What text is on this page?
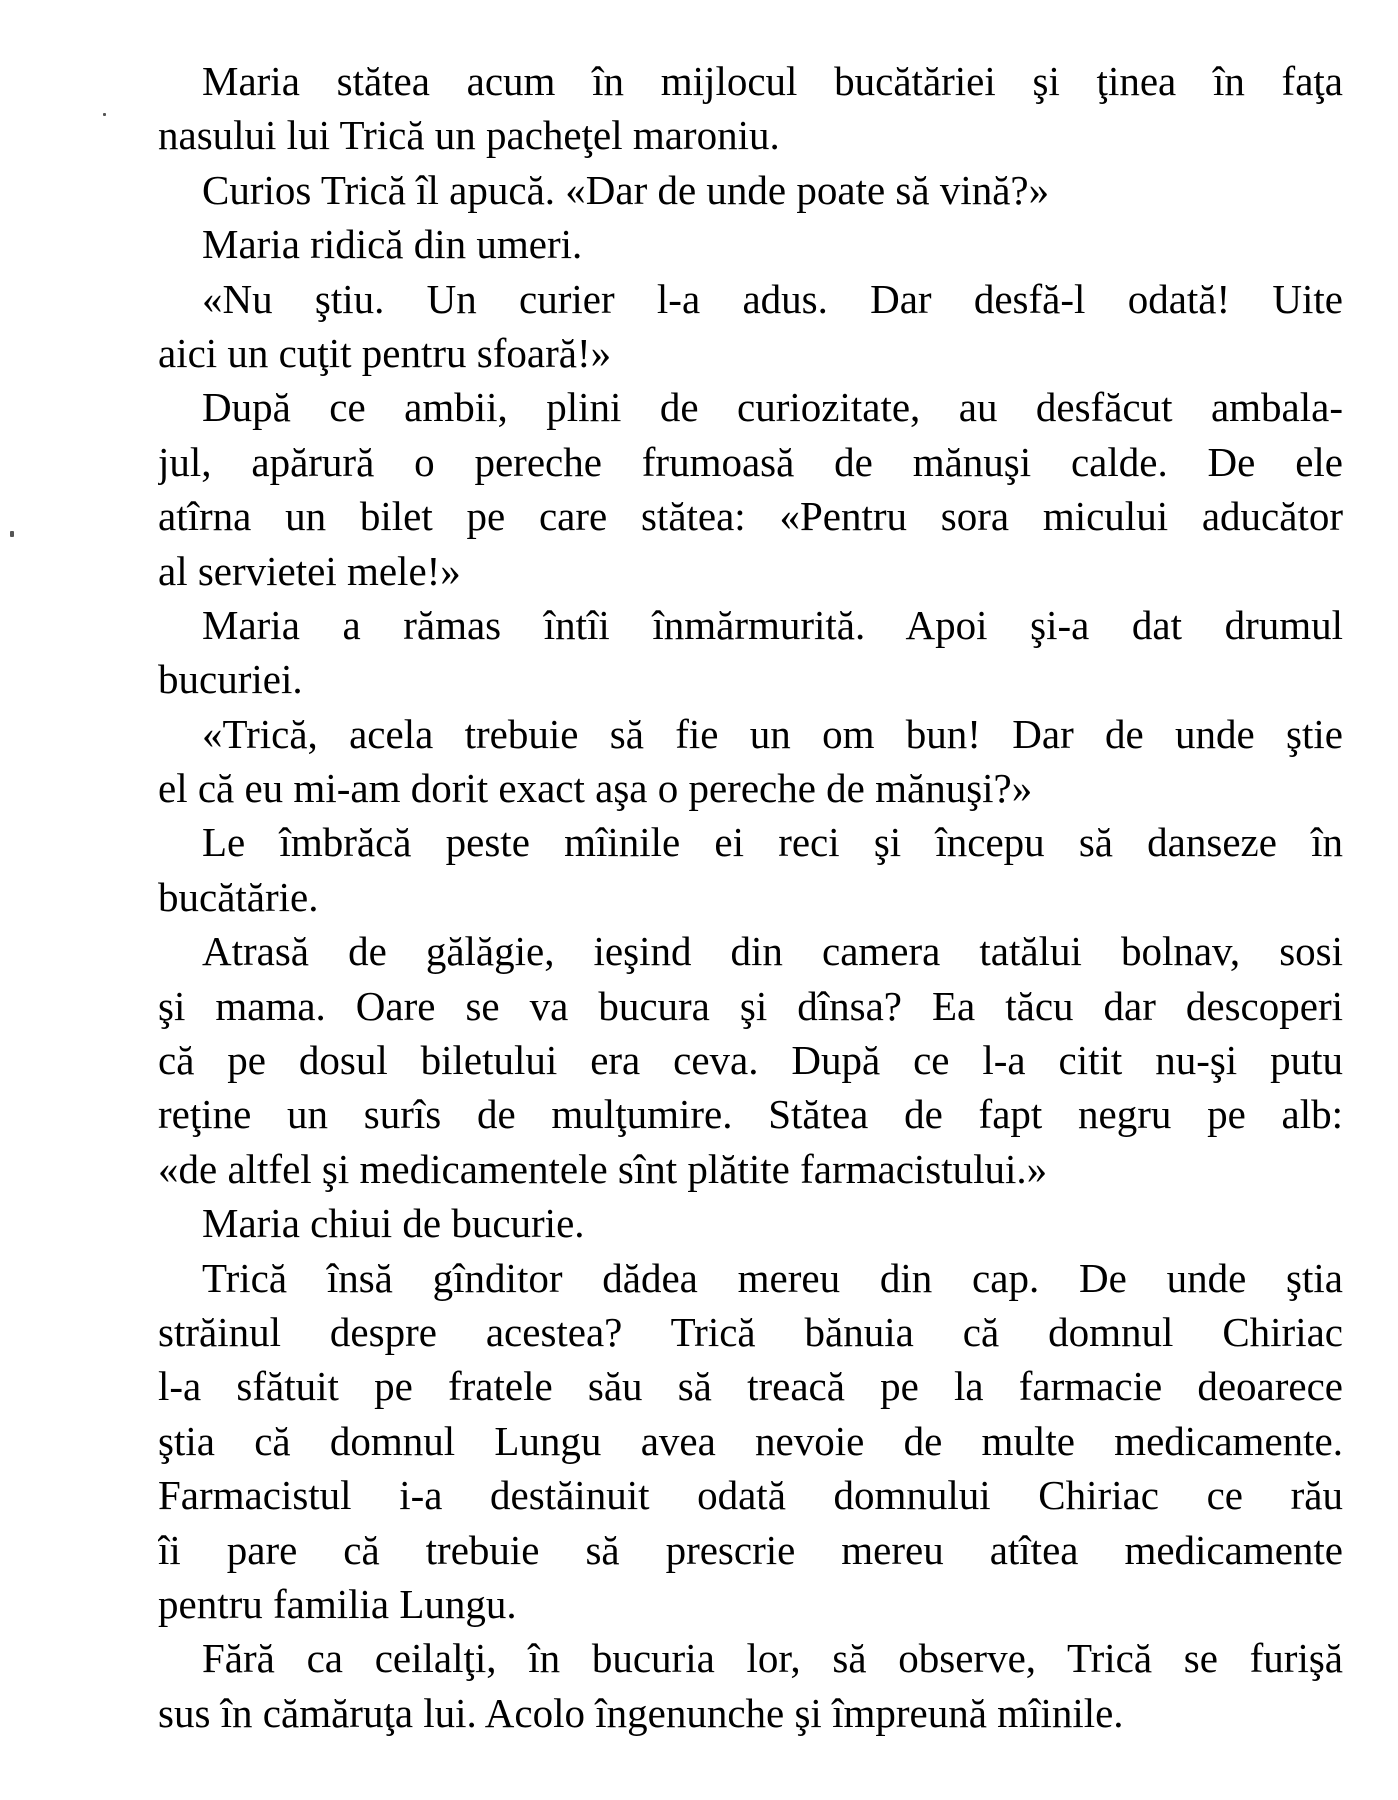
Maria stătea acum în mijlocul bucătăriei şi ţinea în faţa
nasului lui Trică un pacheţel maroniu.
Curios Trică îl apucă. «Dar de unde poate să vină?»
Maria ridică din umeri.
«Nu ştiu. Un curier l-a adus. Dar desfă-l odată! Uite
aici un cuţit pentru sfoară!»
După ce ambii, plini de curiozitate, au desfăcut ambala-
jul, apărură o pereche frumoasă de mănuşi calde. De ele
atîrna un bilet pe care stătea: «Pentru sora micului aducător
al servietei mele!»
Maria a rămas întîi înmărmurită. Apoi şi-a dat drumul
bucuriei.
«Trică, acela trebuie să fie un om bun! Dar de unde ştie
el că eu mi-am dorit exact aşa o pereche de mănuşi?»
Le îmbrăcă peste mîinile ei reci şi începu să danseze în
bucătărie.
Atrasă de gălăgie, ieşind din camera tatălui bolnav, sosi
şi mama. Oare se va bucura şi dînsa? Ea tăcu dar descoperi
că pe dosul biletului era ceva. După ce l-a citit nu-şi putu
reţine un surîs de mulţumire. Stătea de fapt negru pe alb:
«de altfel şi medicamentele sînt plătite farmacistului.»
Maria chiui de bucurie.
Trică însă gînditor dădea mereu din cap. De unde ştia
străinul despre acestea? Trică bănuia că domnul Chiriac
l-a sfătuit pe fratele său să treacă pe la farmacie deoarece
ştia că domnul Lungu avea nevoie de multe medicamente.
Farmacistul i-a destăinuit odată domnului Chiriac ce rău
îi pare că trebuie să prescrie mereu atîtea medicamente
pentru familia Lungu.
Fără ca ceilalţi, în bucuria lor, să observe, Trică se furişă
sus în cămăruţa lui. Acolo îngenunche şi împreună mîinile.
